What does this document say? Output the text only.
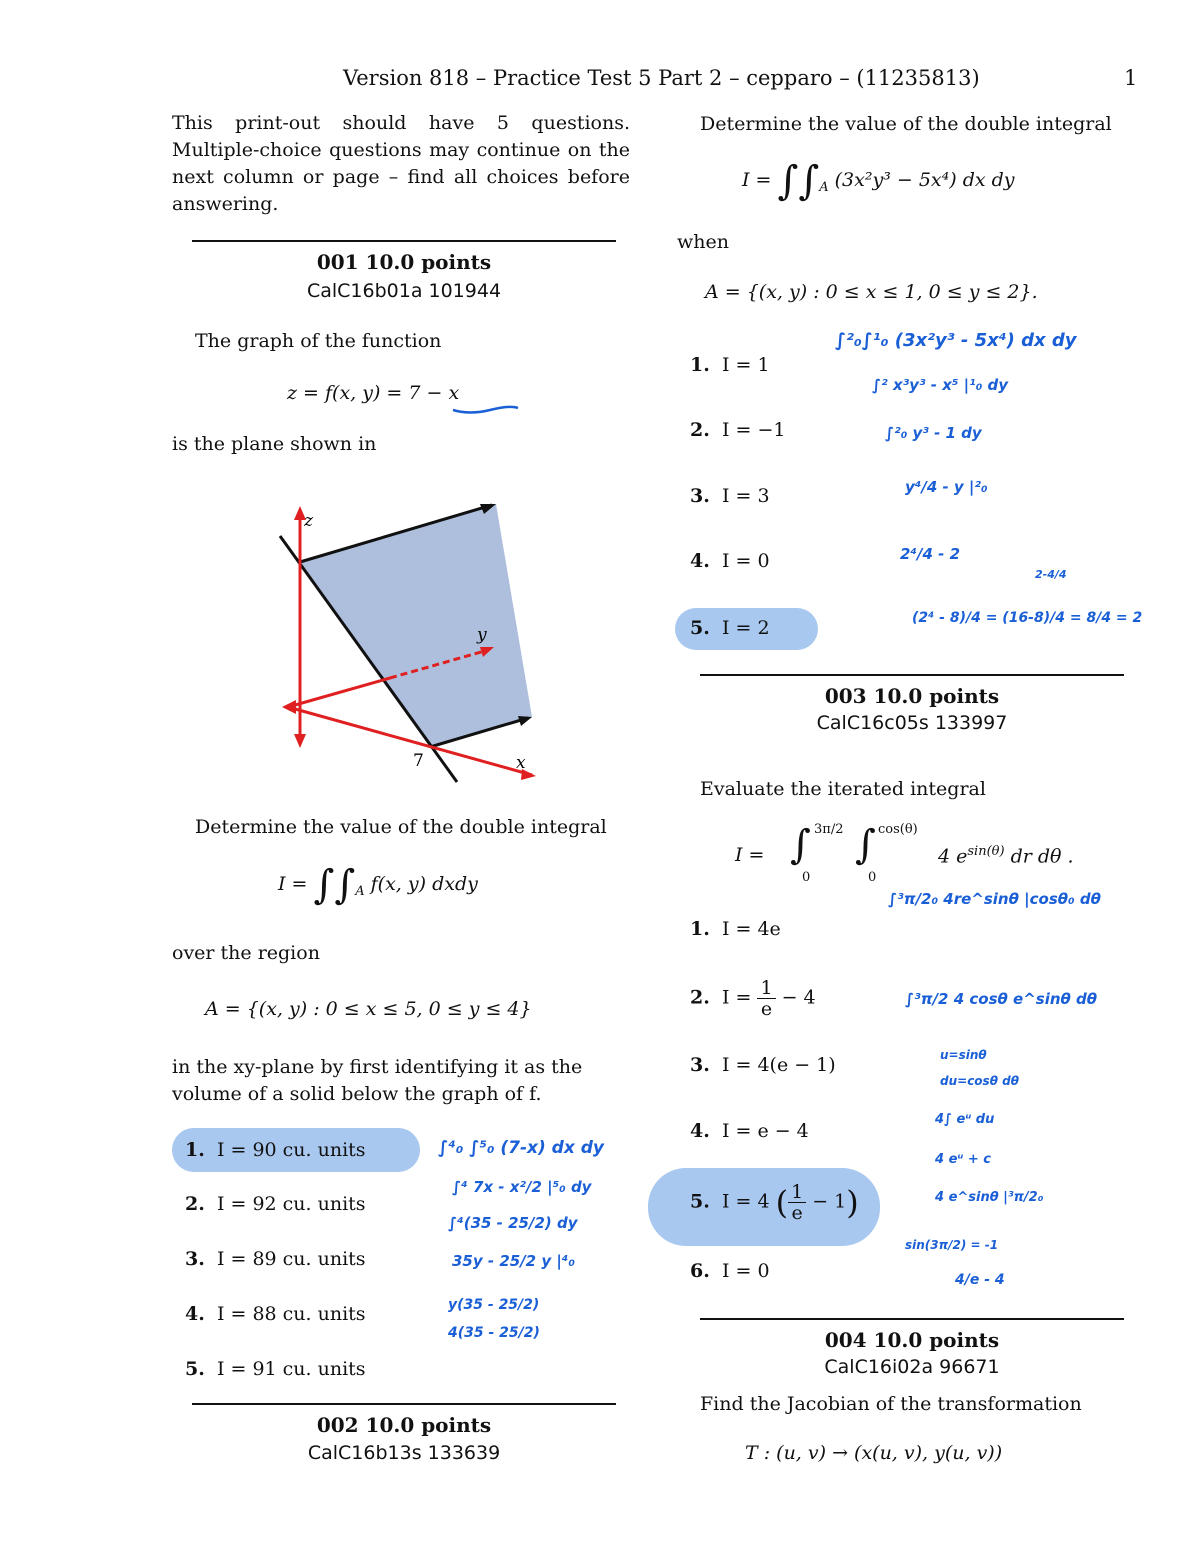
Version 818 – Practice Test 5 Part 2 – cepparo – (11235813)	1
This print-out should have 5 questions. Multiple-choice questions may continue on the next column or page – find all choices before answering.
001 10.0 points
CalC16b01a 101944
The graph of the function
z = f(x, y) = 7 − x
is the plane shown in
z
y
x
7
Determine the value of the double integral
$I = \int\int_A$ f(x, y) dxdy
over the region
A = {(x, y) : 0 ≤ x ≤ 5, 0 ≤ y ≤ 4}
in the xy-plane by first identifying it as the
volume of a solid below the graph of f.
1. I = 90 cu. units
2. I = 92 cu. units
3. I = 89 cu. units
4. I = 88 cu. units
5. I = 91 cu. units
∫⁴₀ ∫⁵₀ (7-x) dx dy
∫⁴ 7x - x²/2 |⁵₀ dy
∫⁴(35 - 25/2) dy
35y - 25/2 y |⁴₀
y(35 - 25/2)
4(35 - 25/2)
002 10.0 points
CalC16b13s 133639
Determine the value of the double integral
$I = \int\int_A$ (3x²y³ − 5x⁴) dx dy
when
A = {(x, y) : 0 ≤ x ≤ 1, 0 ≤ y ≤ 2}.
1. I = 1
2. I = −1
3. I = 3
4. I = 0
5. I = 2
∫²₀∫¹₀ (3x²y³ - 5x⁴) dx dy
∫² x³y³ - x⁵ |¹₀ dy
∫²₀ y³ - 1 dy
y⁴/4 - y |²₀
2⁴/4 - 2
2-4/4
(2⁴ - 8)/4 = (16-8)/4 = 8/4 = 2
003 10.0 points
CalC16c05s 133997
Evaluate the iterated integral
I = ∫ 3π/2
0
∫ cos(θ)
0
4 $e^{sin(\theta)}$ dr dθ .
1. I = 4e
2. $I = \frac{1}{e} - 4$
3. I = 4(e − 1)
4. I = e − 4
5. I = 4 ( $\frac{1}{e} - 1$)
6. I = 0
∫³π/2₀ 4re^sinθ |cosθ₀ dθ
∫³π/2 4 cosθ e^sinθ dθ
u=sinθ
du=cosθ dθ
4∫ eᵘ du
4 eᵘ + c
4 e^sinθ |³π/2₀
sin(3π/2) = -1
4/e - 4
004 10.0 points
CalC16i02a 96671
Find the Jacobian of the transformation
T : (u, v) → (x(u, v), y(u, v))
